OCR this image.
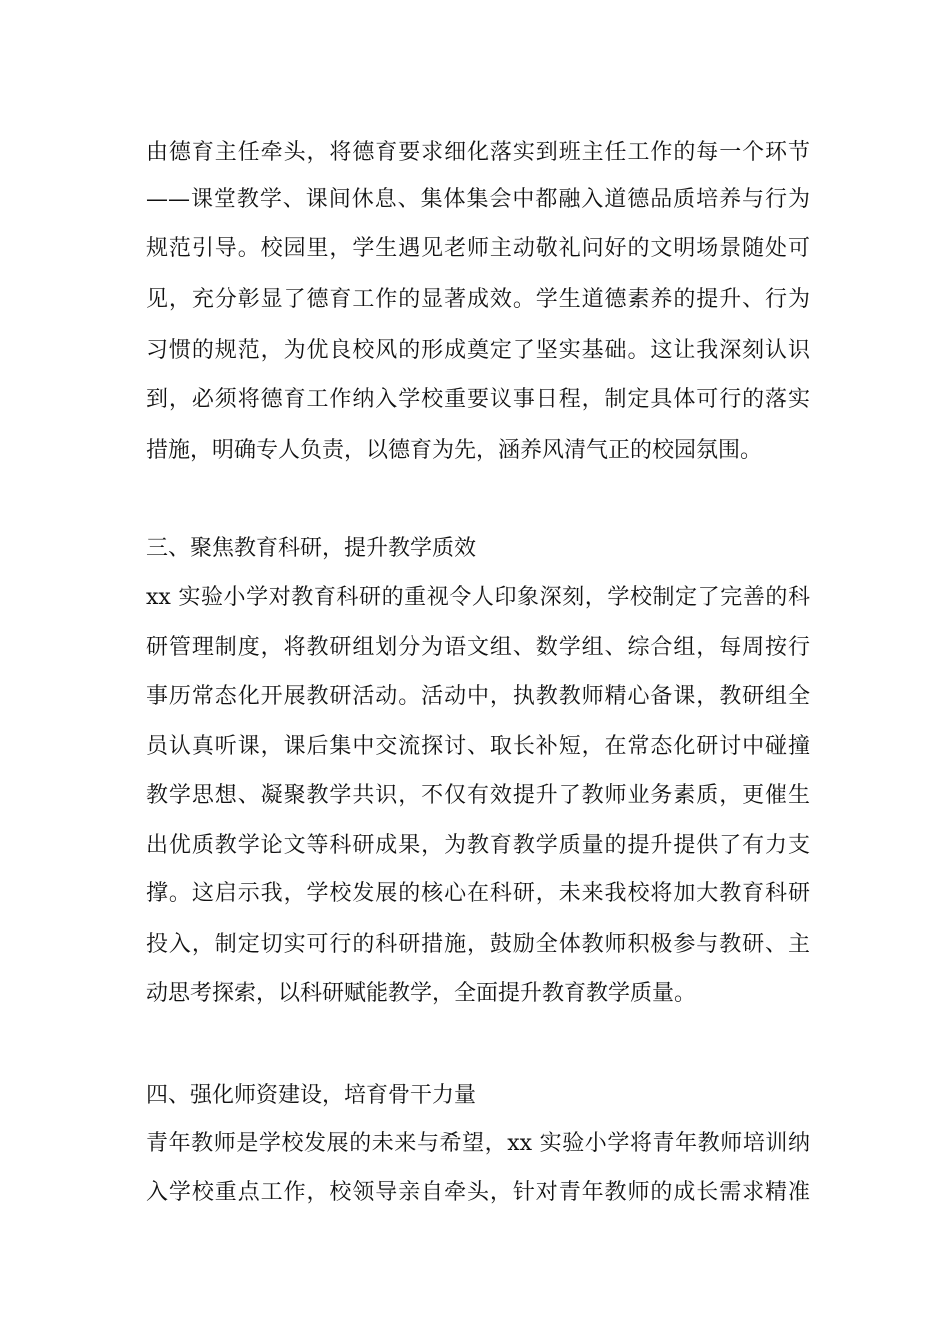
由德育主任牵头，将德育要求细化落实到班主任工作的每一个环节
——课堂教学、课间休息、集体集会中都融入道德品质培养与行为
规范引导。校园里，学生遇见老师主动敬礼问好的文明场景随处可
见，充分彰显了德育工作的显著成效。学生道德素养的提升、行为
习惯的规范，为优良校风的形成奠定了坚实基础。这让我深刻认识
到，必须将德育工作纳入学校重要议事日程，制定具体可行的落实
措施，明确专人负责，以德育为先，涵养风清气正的校园氛围。
三、聚焦教育科研，提升教学质效
xx 实验小学对教育科研的重视令人印象深刻，学校制定了完善的科
研管理制度，将教研组划分为语文组、数学组、综合组，每周按行
事历常态化开展教研活动。活动中，执教教师精心备课，教研组全
员认真听课，课后集中交流探讨、取长补短，在常态化研讨中碰撞
教学思想、凝聚教学共识，不仅有效提升了教师业务素质，更催生
出优质教学论文等科研成果，为教育教学质量的提升提供了有力支
撑。这启示我，学校发展的核心在科研，未来我校将加大教育科研
投入，制定切实可行的科研措施，鼓励全体教师积极参与教研、主
动思考探索，以科研赋能教学，全面提升教育教学质量。
四、强化师资建设，培育骨干力量
青年教师是学校发展的未来与希望，xx 实验小学将青年教师培训纳
入学校重点工作，校领导亲自牵头，针对青年教师的成长需求精准
